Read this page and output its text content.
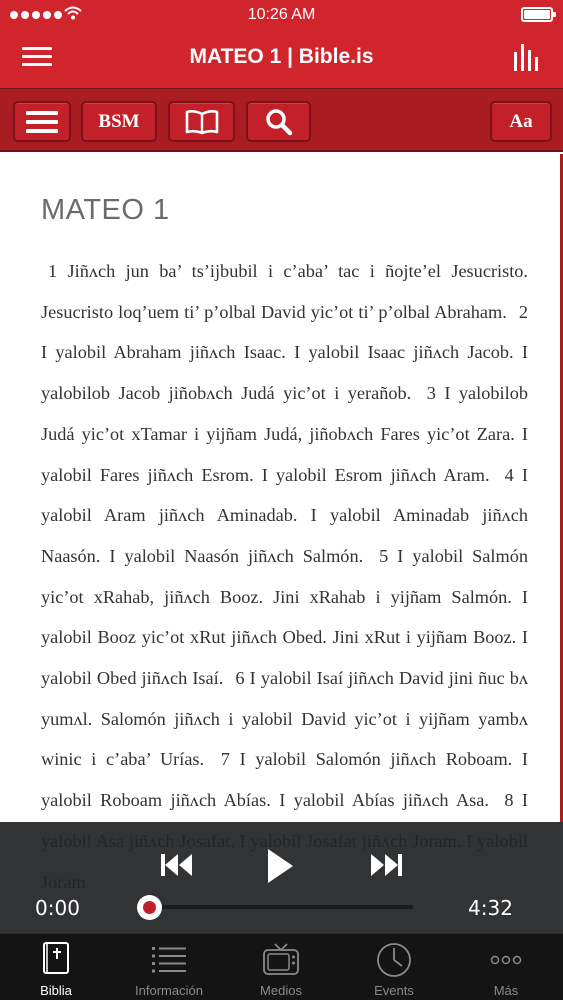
10:26 AM
MATEO 1 | Bible.is
BSM	Aa
MATEO 1
1 Jiñʌch jun ba’ ts’ijbubil i c’aba’ tac i ñojte’el Jesucristo. Jesucristo loq’uem ti’ p’olbal David yic’ot ti’ p’olbal Abraham. 2 I yalobil Abraham jiñʌch Isaac. I yalobil Isaac jiñʌch Jacob. I yalobilob Jacob jiñobʌch Judá yic’ot i yerañob. 3 I yalobilob Judá yic’ot xTamar i yijñam Judá, jiñobʌch Fares yic’ot Zara. I yalobil Fares jiñʌch Esrom. I yalobil Esrom jiñʌch Aram. 4 I yalobil Aram jiñʌch Aminadab. I yalobil Aminadab jiñʌch Naasón. I yalobil Naasón jiñʌch Salmón. 5 I yalobil Salmón yic’ot xRahab, jiñʌch Booz. Jini xRahab i yijñam Salmón. I yalobil Booz yic’ot xRut jiñʌch Obed. Jini xRut i yijñam Booz. I yalobil Obed jiñʌch Isaí. 6 I yalobil Isaí jiñʌch David jini ñuc bʌ yumʌl. Salomón jiñʌch i yalobil David yic’ot i yijñam yambʌ winic i c’aba’ Urías. 7 I yalobil Salomón jiñʌch Roboam. I yalobil Roboam jiñʌch Abías. I yalobil Abías jiñʌch Asa. 8 I
0:00	4:32
Biblia	Información	Medios	Events	Más
